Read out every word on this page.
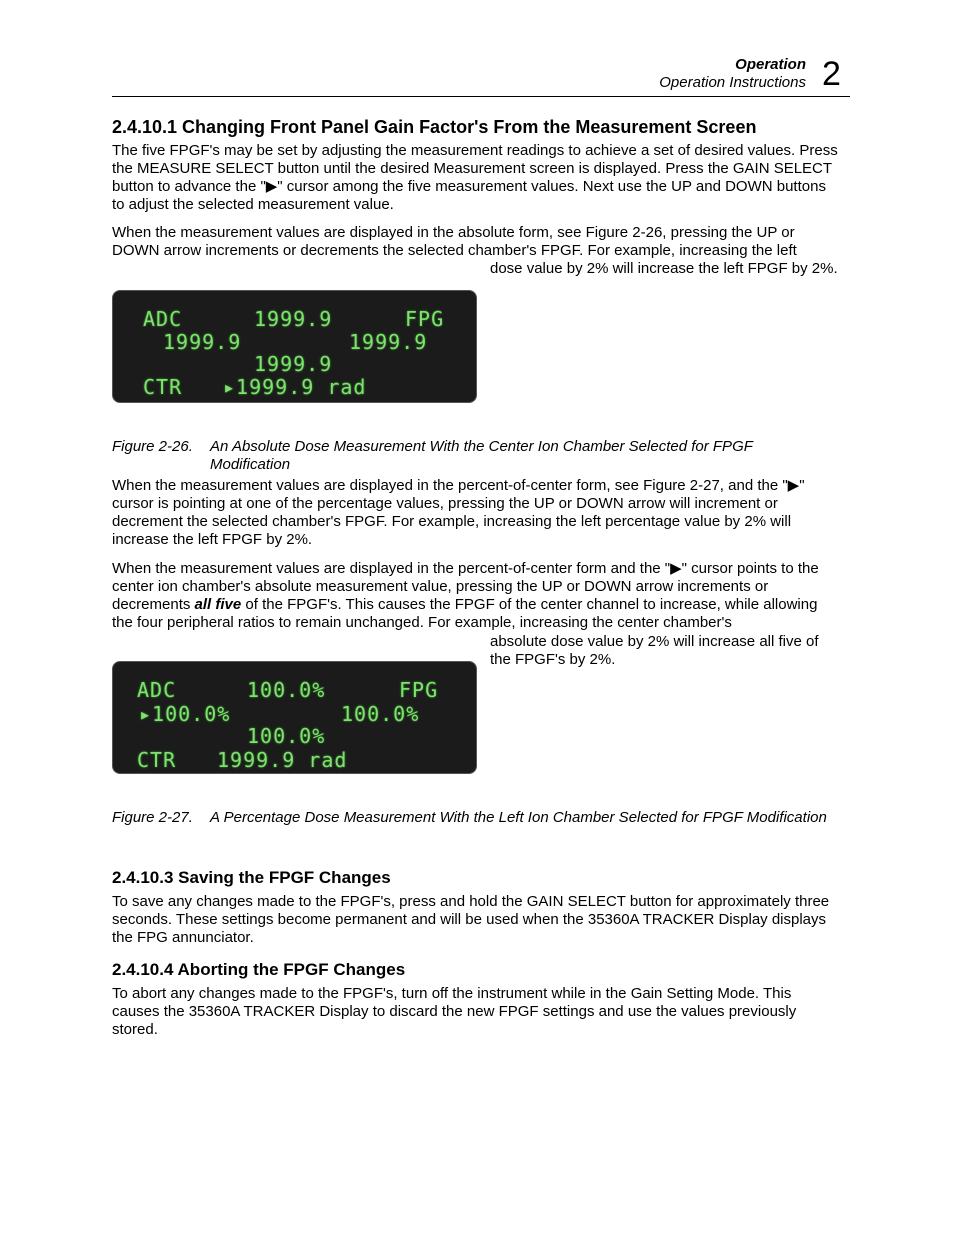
Operation
Operation Instructions 2
2.4.10.1 Changing Front Panel Gain Factor's From the Measurement Screen
The five FPGF's may be set by adjusting the measurement readings to achieve a set of desired values. Press the MEASURE SELECT button until the desired Measurement screen is displayed. Press the GAIN SELECT button to advance the "▶" cursor among the five measurement values. Next use the UP and DOWN buttons to adjust the selected measurement value.
When the measurement values are displayed in the absolute form, see Figure 2-26, pressing the UP or DOWN arrow increments or decrements the selected chamber's FPGF. For example, increasing the left
dose value by 2% will increase the left FPGF by 2%.
ADC	1999.9	FPG
1999.9	1999.9
1999.9
CTR ▸1999.9 rad
Figure 2-26. An Absolute Dose Measurement With the Center Ion Chamber Selected for FPGF Modification
When the measurement values are displayed in the percent-of-center form, see Figure 2-27, and the "▶" cursor is pointing at one of the percentage values, pressing the UP or DOWN arrow will increment or decrement the selected chamber's FPGF. For example, increasing the left percentage value by 2% will increase the left FPGF by 2%.
When the measurement values are displayed in the percent-of-center form and the "▶" cursor points to the center ion chamber's absolute measurement value, pressing the UP or DOWN arrow increments or decrements all five of the FPGF's. This causes the FPGF of the center channel to increase, while allowing the four peripheral ratios to remain unchanged. For example, increasing the center chamber's
absolute dose value by 2% will increase all five of the FPGF's by 2%.
ADC	100.0%	FPG
▸100.0%	100.0%
100.0%
CTR 1999.9 rad
Figure 2-27. A Percentage Dose Measurement With the Left Ion Chamber Selected for FPGF Modification
2.4.10.3 Saving the FPGF Changes
To save any changes made to the FPGF's, press and hold the GAIN SELECT button for approximately three seconds. These settings become permanent and will be used when the 35360A TRACKER Display displays the FPG annunciator.
2.4.10.4 Aborting the FPGF Changes
To abort any changes made to the FPGF's, turn off the instrument while in the Gain Setting Mode. This causes the 35360A TRACKER Display to discard the new FPGF settings and use the values previously stored.
